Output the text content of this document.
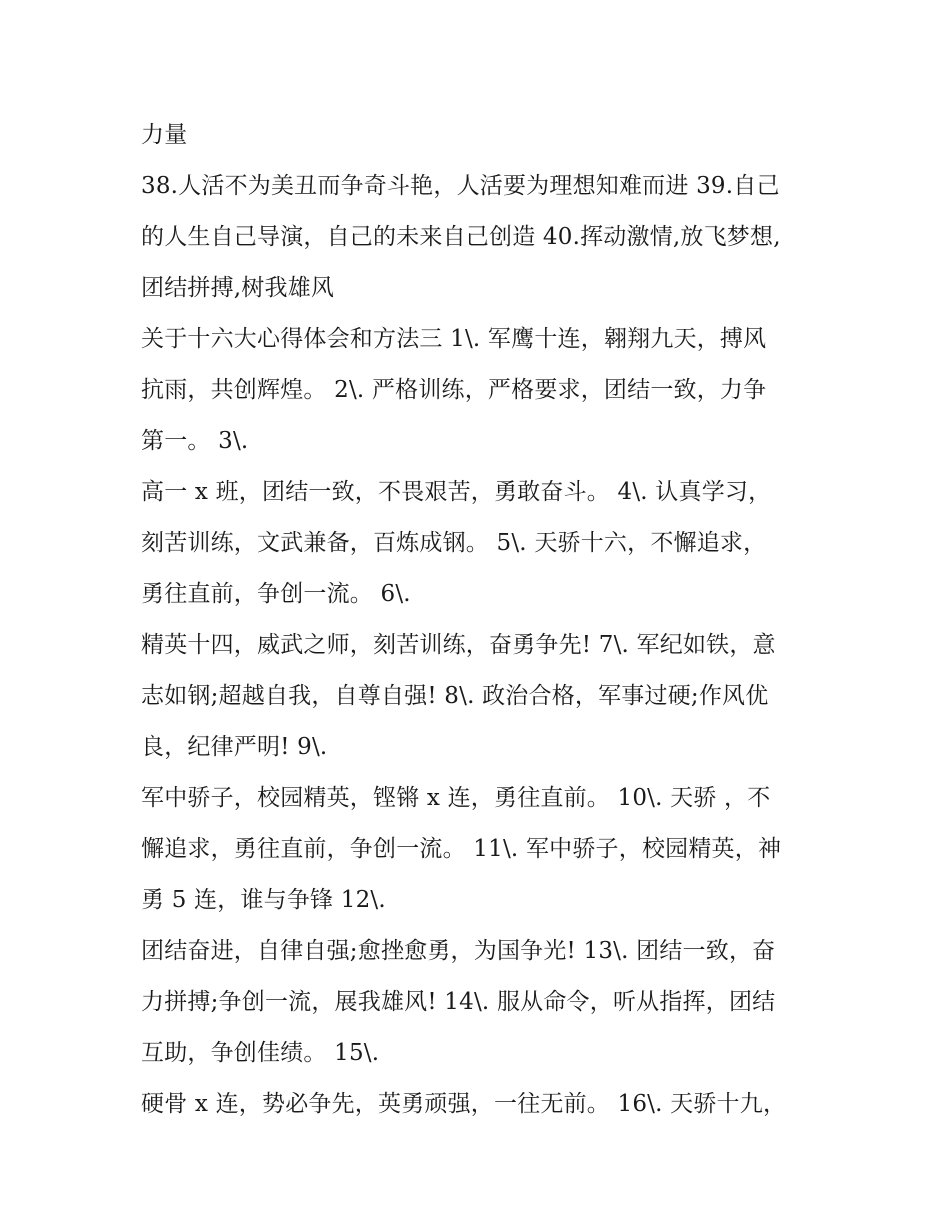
力量

38.人活不为美丑而争奇斗艳，人活要为理想知难而进 39.自己
的人生自己导演，自己的未来自己创造 40.挥动激情,放飞梦想,
团结拼搏,树我雄风

关于十六大心得体会和方法三 1\. 军鹰十连，翱翔九天，搏风
抗雨，共创辉煌。 2\. 严格训练，严格要求，团结一致，力争
第一。 3\.

高一 x 班，团结一致，不畏艰苦，勇敢奋斗。 4\. 认真学习，
刻苦训练，文武兼备，百炼成钢。 5\. 天骄十六，不懈追求，
勇往直前，争创一流。 6\.

精英十四，威武之师，刻苦训练，奋勇争先! 7\. 军纪如铁，意
志如钢;超越自我，自尊自强! 8\. 政治合格，军事过硬;作风优
良，纪律严明! 9\.

军中骄子，校园精英，铿锵 x 连，勇往直前。 10\. 天骄 ，不
懈追求，勇往直前，争创一流。 11\. 军中骄子，校园精英，神
勇 5 连，谁与争锋 12\.

团结奋进，自律自强;愈挫愈勇，为国争光! 13\. 团结一致，奋
力拼搏;争创一流，展我雄风! 14\. 服从命令，听从指挥，团结
互助，争创佳绩。 15\.

硬骨 x 连，势必争先，英勇顽强，一往无前。 16\. 天骄十九，
